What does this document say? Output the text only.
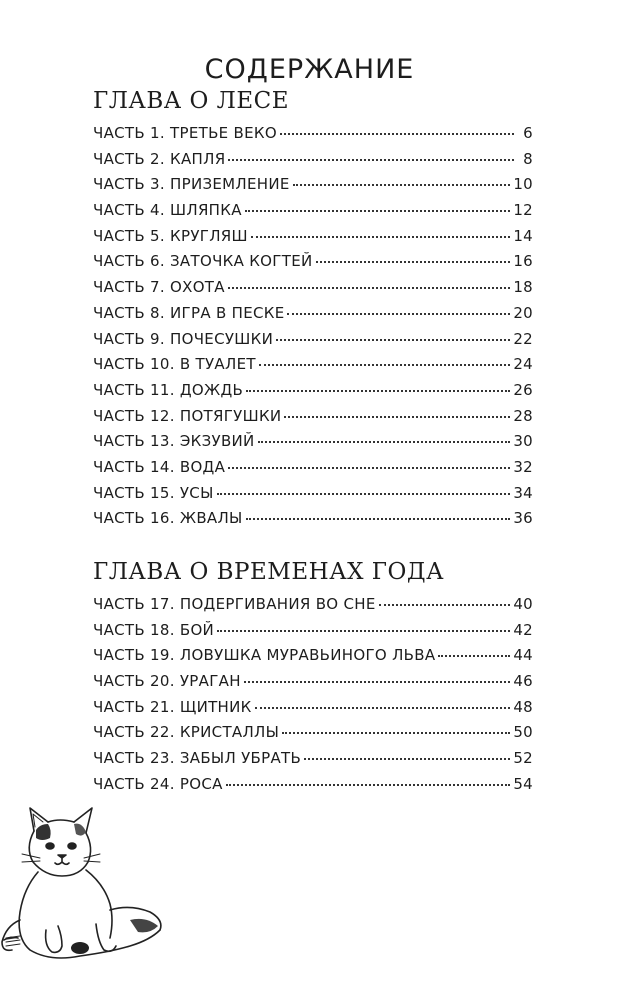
СОДЕРЖАНИЕ
ГЛАВА О ЛЕСЕ
ЧАСТЬ 1. ТРЕТЬЕ ВЕКО	6
ЧАСТЬ 2. КАПЛЯ	8
ЧАСТЬ 3. ПРИЗЕМЛЕНИЕ	10
ЧАСТЬ 4. ШЛЯПКА	12
ЧАСТЬ 5. КРУГЛЯШ	14
ЧАСТЬ 6. ЗАТОЧКА КОГТЕЙ	16
ЧАСТЬ 7. ОХОТА	18
ЧАСТЬ 8. ИГРА В ПЕСКЕ	20
ЧАСТЬ 9. ПОЧЕСУШКИ	22
ЧАСТЬ 10. В ТУАЛЕТ	24
ЧАСТЬ 11. ДОЖДЬ	26
ЧАСТЬ 12. ПОТЯГУШКИ	28
ЧАСТЬ 13. ЭКЗУВИЙ	30
ЧАСТЬ 14. ВОДА	32
ЧАСТЬ 15. УСЫ	34
ЧАСТЬ 16. ЖВАЛЫ	36
ГЛАВА О ВРЕМЕНАХ ГОДА
ЧАСТЬ 17. ПОДЕРГИВАНИЯ ВО СНЕ	40
ЧАСТЬ 18. БОЙ	42
ЧАСТЬ 19. ЛОВУШКА МУРАВЬИНОГО ЛЬВА	44
ЧАСТЬ 20. УРАГАН	46
ЧАСТЬ 21. ЩИТНИК	48
ЧАСТЬ 22. КРИСТАЛЛЫ	50
ЧАСТЬ 23. ЗАБЫЛ УБРАТЬ	52
ЧАСТЬ 24. РОСА	54
